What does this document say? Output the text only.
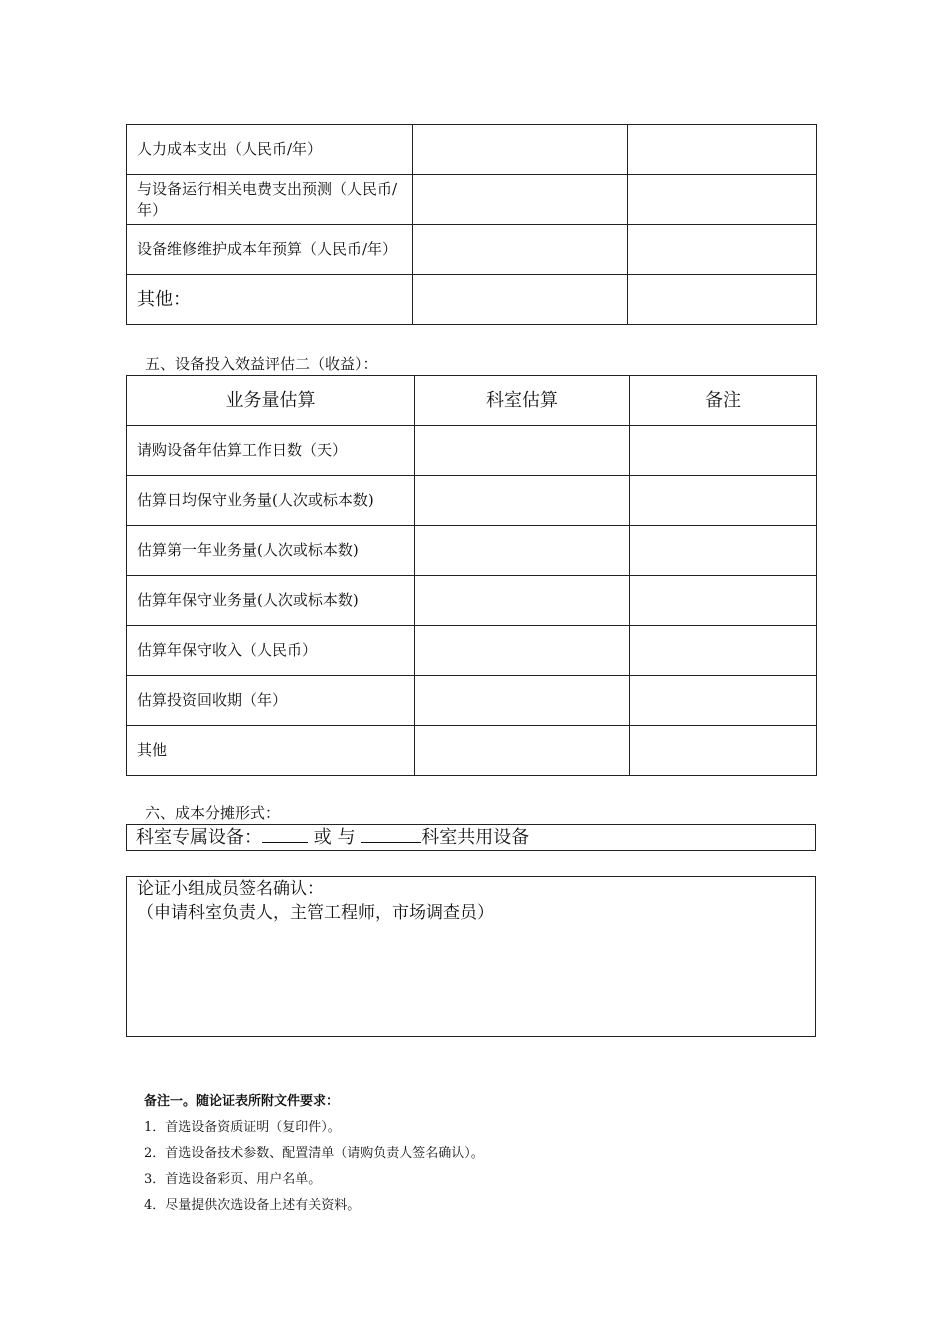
人力成本支出（人民币/年）		
与设备运行相关电费支出预测（人民币/年）		
设备维修维护成本年预算（人民币/年）		
其他：		
五、设备投入效益评估二（收益）：
业务量估算	科室估算	备注
请购设备年估算工作日数（天）		
估算日均保守业务量(人次或标本数)		
估算第一年业务量(人次或标本数)		
估算年保守业务量(人次或标本数)		
估算年保守收入（人民币）		
估算投资回收期（年）		
其他		
六、成本分摊形式：
科室专属设备：	或 与	科室共用设备
论证小组成员签名确认：
（申请科室负责人，主管工程师，市场调查员）
备注一。随论证表所附文件要求：
1．首选设备资质证明（复印件）。
2．首选设备技术参数、配置清单（请购负责人签名确认）。
3．首选设备彩页、用户名单。
4．尽量提供次选设备上述有关资料。
